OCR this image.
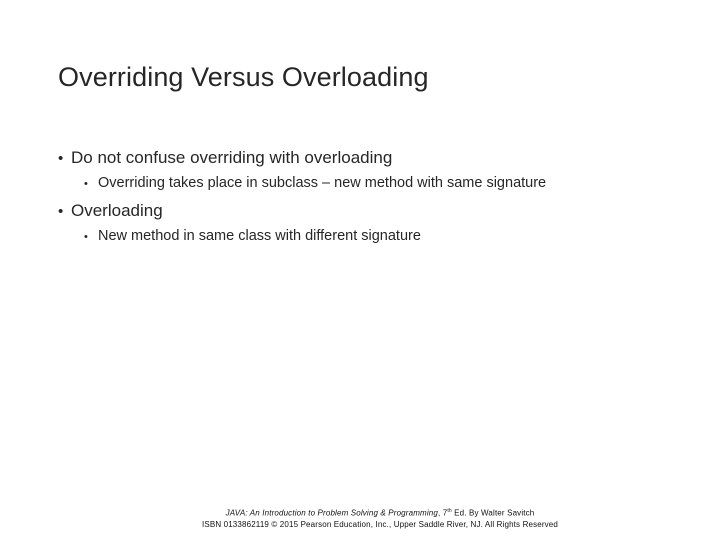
Overriding Versus Overloading
• Do not confuse overriding with overloading
• Overriding takes place in subclass – new method with same signature
• Overloading
• New method in same class with different signature
JAVA: An Introduction to Problem Solving & Programming, 7th Ed. By Walter Savitch
ISBN 0133862119 © 2015 Pearson Education, Inc., Upper Saddle River, NJ. All Rights Reserved
